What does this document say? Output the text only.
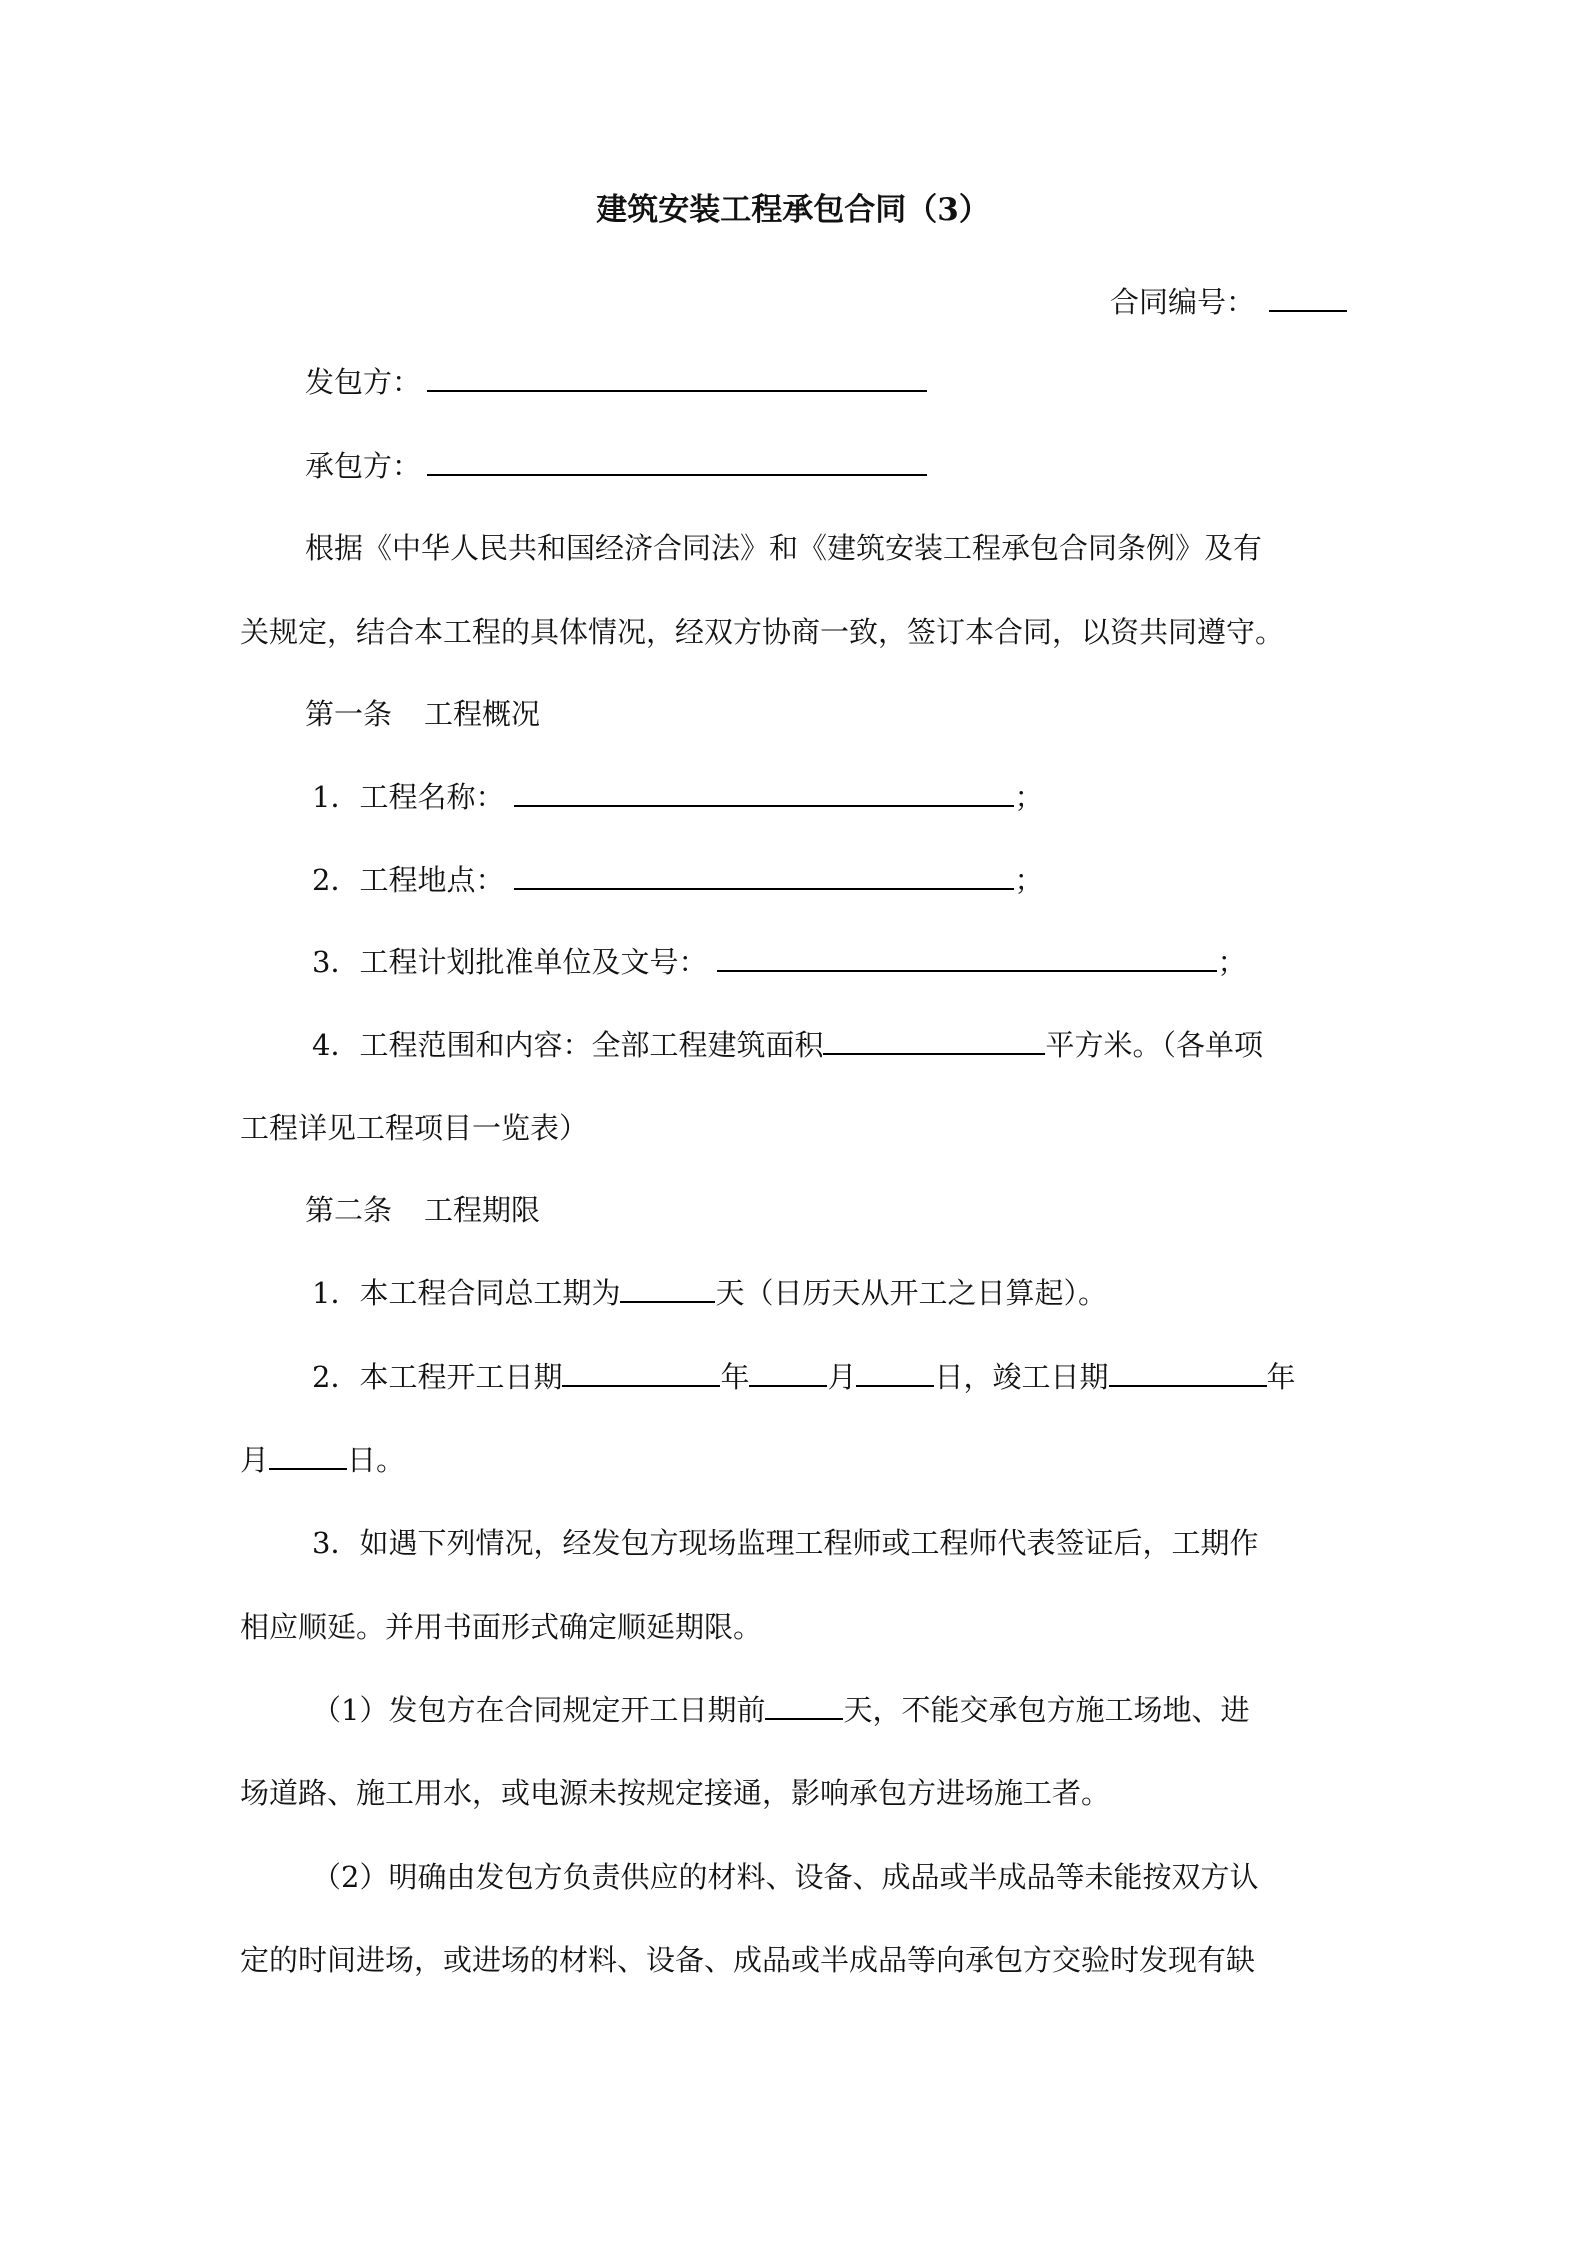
建筑安装工程承包合同（3）
合同编号：
发包方：
承包方：
根据《中华人民共和国经济合同法》和《建筑安装工程承包合同条例》及有
关规定，结合本工程的具体情况，经双方协商一致，签订本合同，以资共同遵守。
第一条 工程概况
1．工程名称：	；
2．工程地点：	；
3．工程计划批准单位及文号：	；
4．工程范围和内容：全部工程建筑面积	平方米。（各单项
工程详见工程项目一览表）
第二条 工程期限
1．本工程合同总工期为	天（日历天从开工之日算起）。
2．本工程开工日期	年	月	日，竣工日期	年
月	日。
3．如遇下列情况，经发包方现场监理工程师或工程师代表签证后，工期作
相应顺延。并用书面形式确定顺延期限。
（1）发包方在合同规定开工日期前	天，不能交承包方施工场地、进
场道路、施工用水，或电源未按规定接通，影响承包方进场施工者。
（2）明确由发包方负责供应的材料、设备、成品或半成品等未能按双方认
定的时间进场，或进场的材料、设备、成品或半成品等向承包方交验时发现有缺
